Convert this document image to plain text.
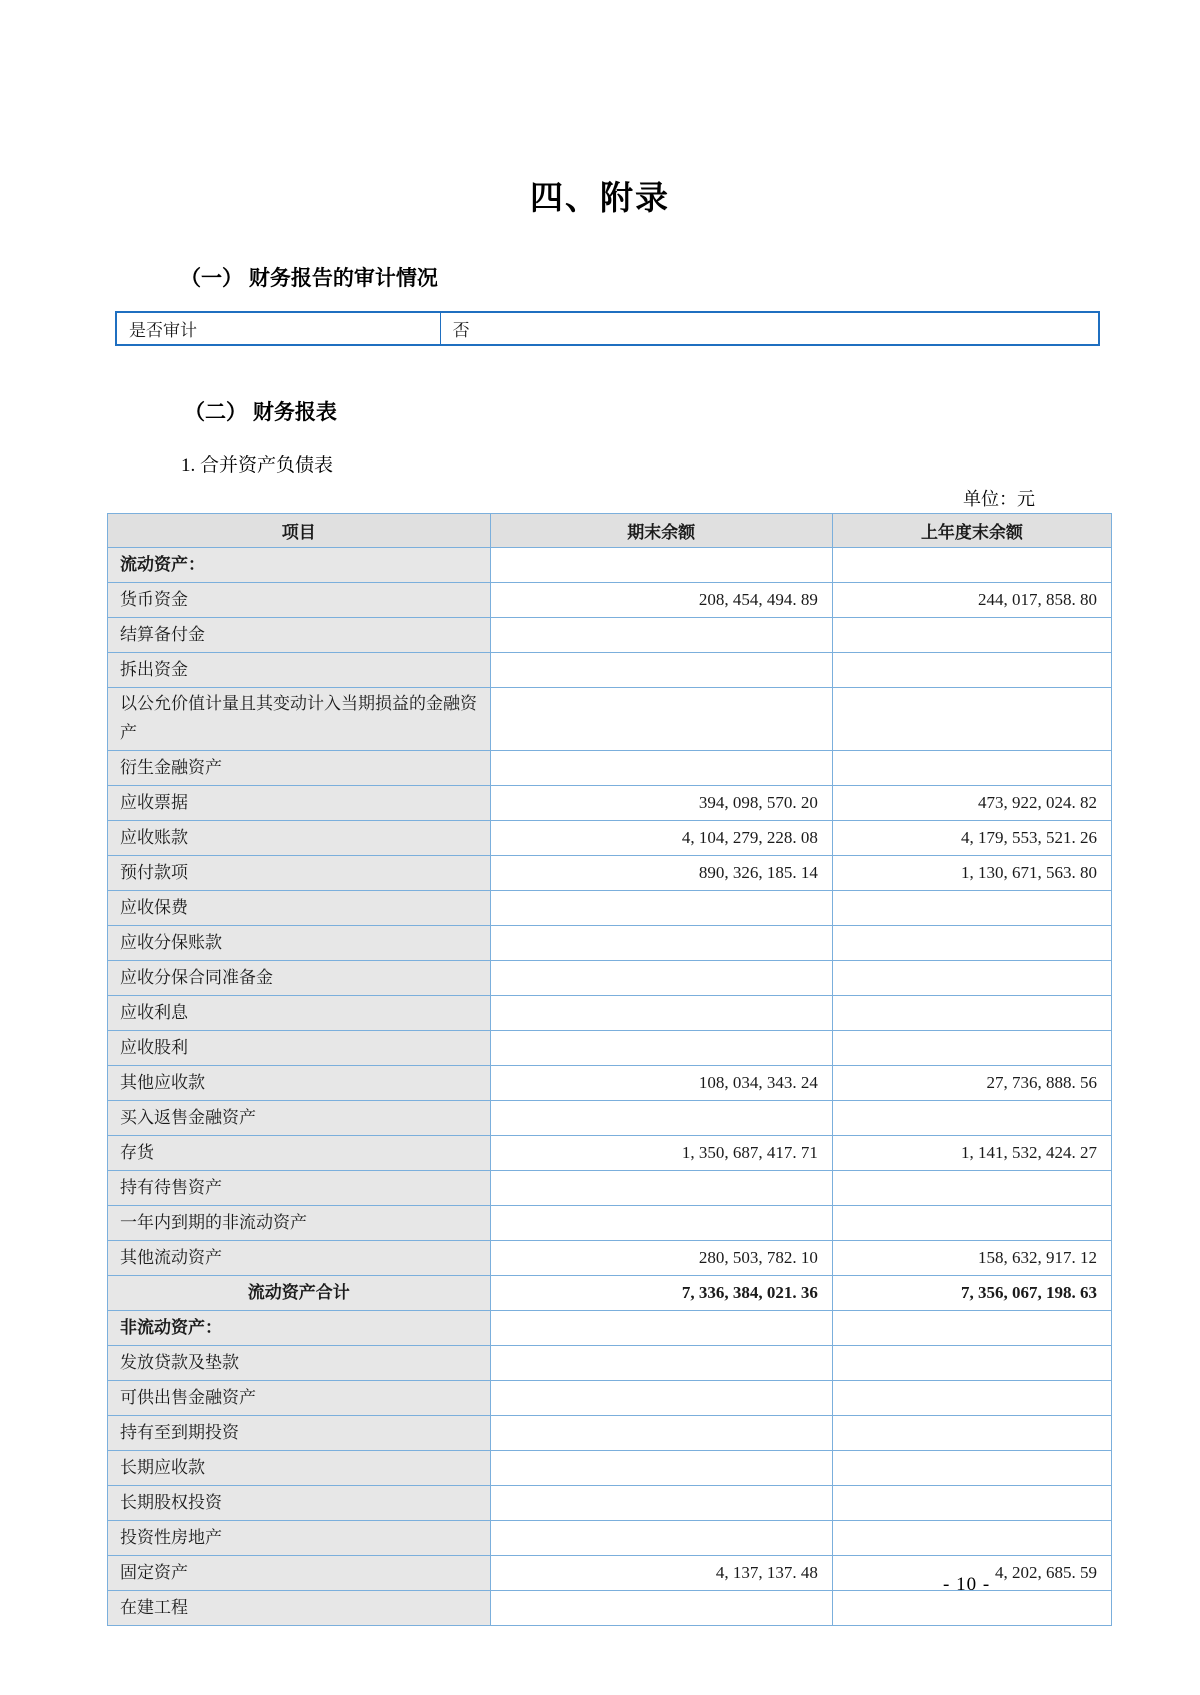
四、附录
（一） 财务报告的审计情况
是否审计	否
（二） 财务报表
1. 合并资产负债表
单位：元
项目	期末余额	上年度末余额
流动资产：		
货币资金	208, 454, 494. 89	244, 017, 858. 80
结算备付金		
拆出资金		
以公允价值计量且其变动计入当期损益的金融资产		
衍生金融资产		
应收票据	394, 098, 570. 20	473, 922, 024. 82
应收账款	4, 104, 279, 228. 08	4, 179, 553, 521. 26
预付款项	890, 326, 185. 14	1, 130, 671, 563. 80
应收保费		
应收分保账款		
应收分保合同准备金		
应收利息		
应收股利		
其他应收款	108, 034, 343. 24	27, 736, 888. 56
买入返售金融资产		
存货	1, 350, 687, 417. 71	1, 141, 532, 424. 27
持有待售资产		
一年内到期的非流动资产		
其他流动资产	280, 503, 782. 10	158, 632, 917. 12
流动资产合计	7, 336, 384, 021. 36	7, 356, 067, 198. 63
非流动资产：		
发放贷款及垫款		
可供出售金融资产		
持有至到期投资		
长期应收款		
长期股权投资		
投资性房地产		
固定资产	4, 137, 137. 48	4, 202, 685. 59
在建工程		
- 10 -
